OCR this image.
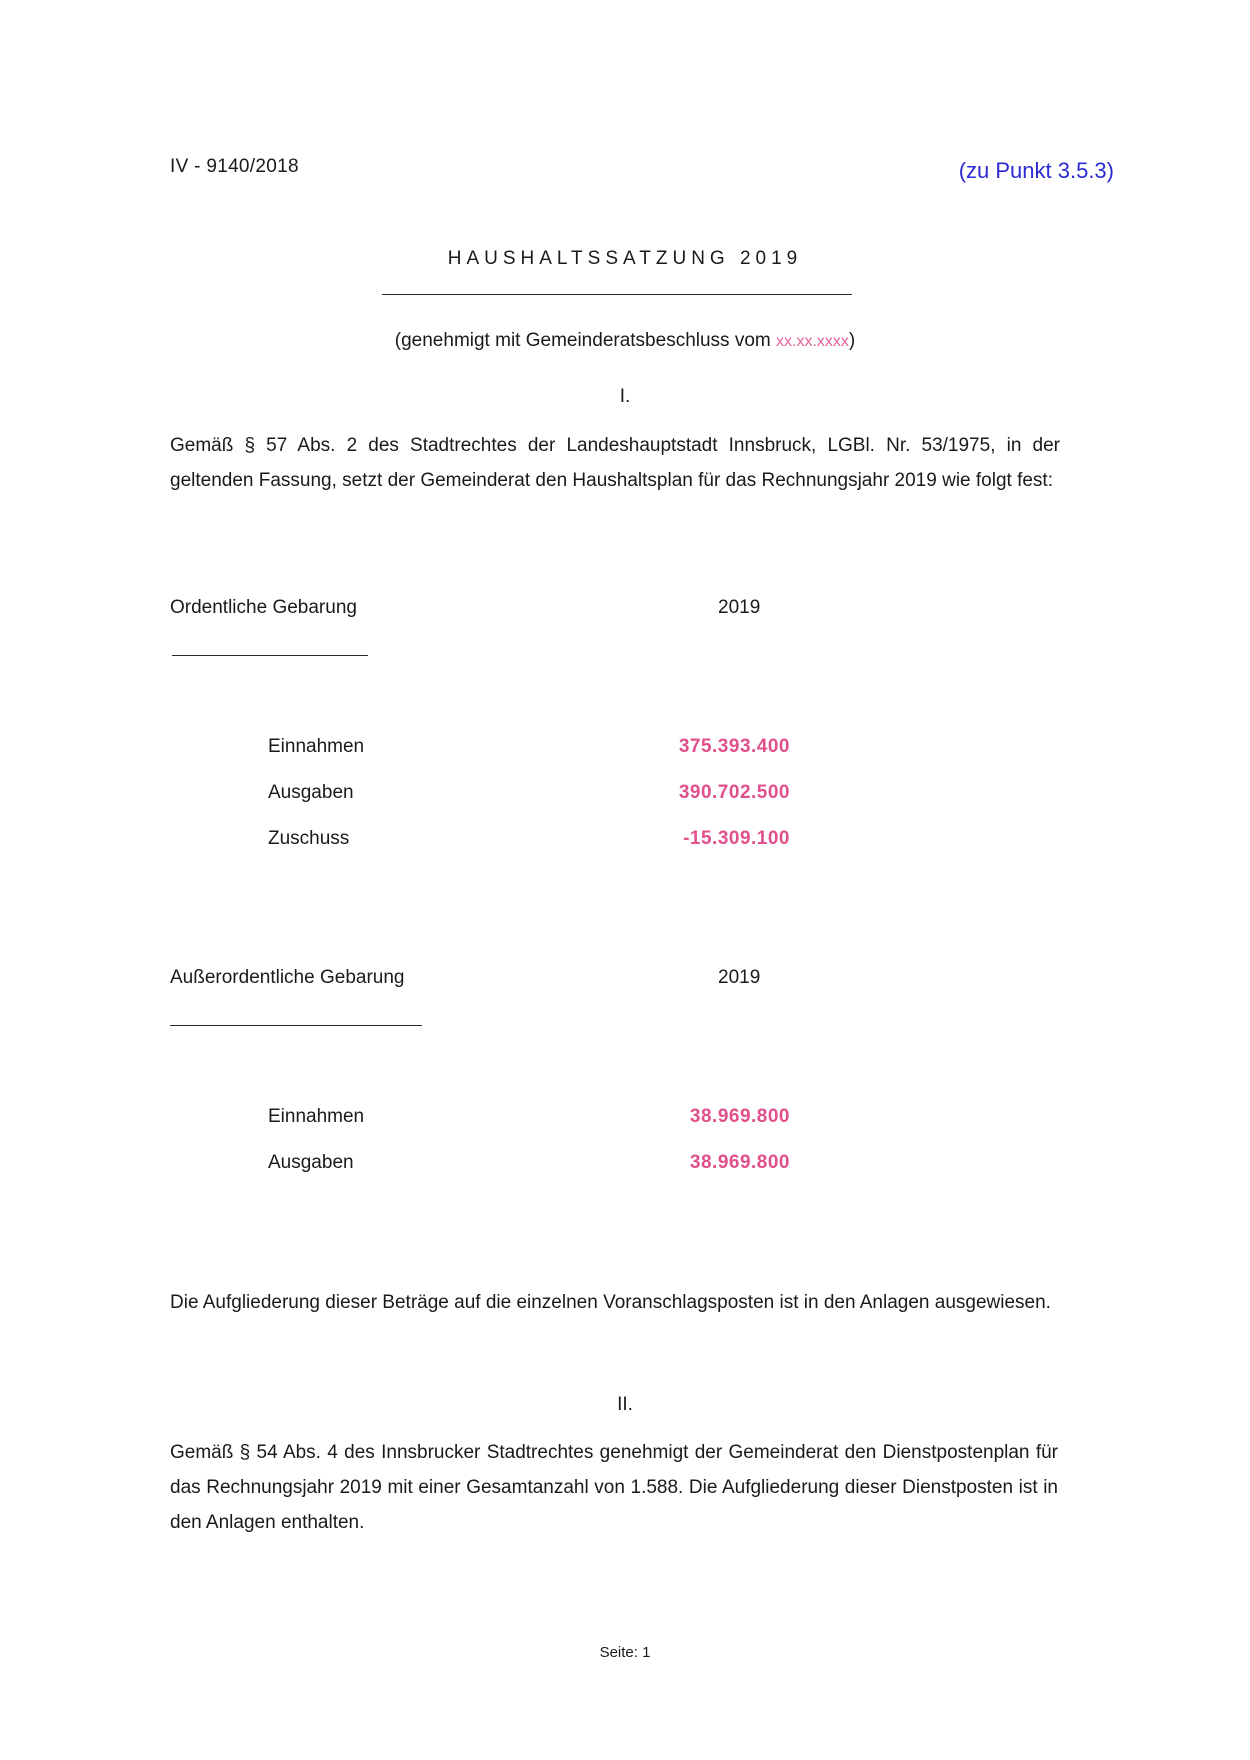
IV - 9140/2018	(zu Punkt 3.5.3)
HAUSHALTSSATZUNG 2019
(genehmigt mit Gemeinderatsbeschluss vom xx.xx.xxxx)
I.
Gemäß § 57 Abs. 2 des Stadtrechtes der Landeshauptstadt Innsbruck, LGBl. Nr. 53/1975, in der geltenden Fassung, setzt der Gemeinderat den Haushaltsplan für das Rechnungsjahr 2019 wie folgt fest:
Ordentliche Gebarung	2019
Einnahmen	375.393.400
Ausgaben	390.702.500
Zuschuss	-15.309.100
Außerordentliche Gebarung	2019
Einnahmen	38.969.800
Ausgaben	38.969.800
Die Aufgliederung dieser Beträge auf die einzelnen Voranschlagsposten ist in den Anlagen ausgewiesen.
II.
Gemäß § 54 Abs. 4 des Innsbrucker Stadtrechtes genehmigt der Gemeinderat den Dienstpostenplan für das Rechnungsjahr 2019 mit einer Gesamtanzahl von 1.588. Die Aufgliederung dieser Dienstposten ist in den Anlagen enthalten.
Seite: 1
